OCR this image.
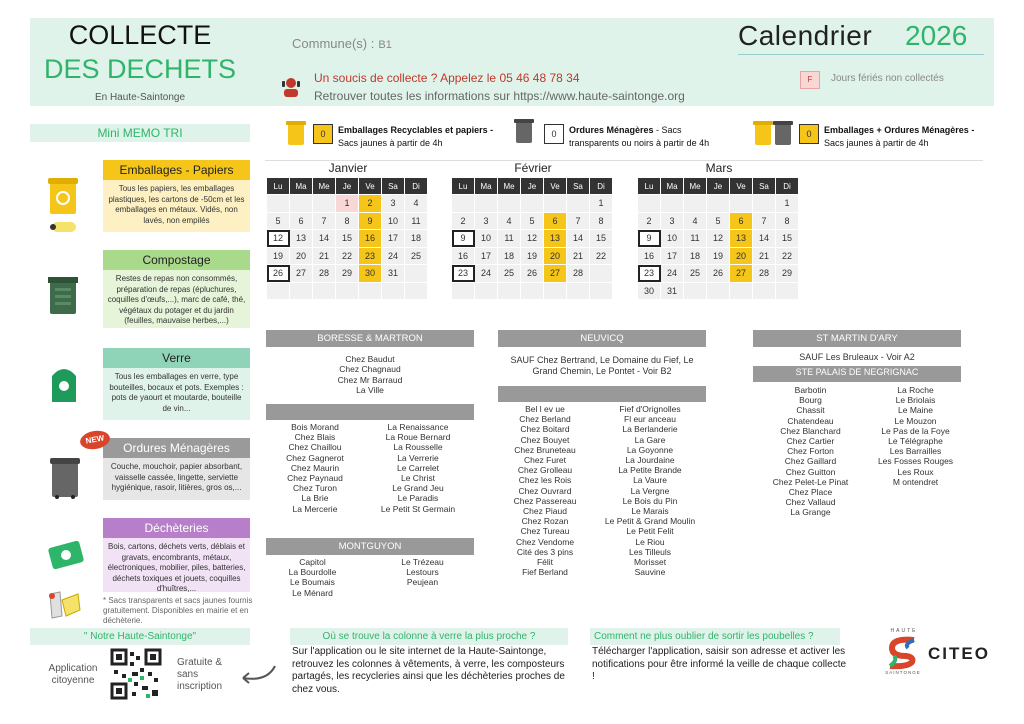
COLLECTE
DES DECHETS
En Haute-Saintonge
Commune(s) : B1
Un soucis de collecte ? Appelez le 05 46 48 78 34
Retrouver toutes les informations sur https://www.haute-saintonge.org
Calendrier 2026
F	Jours fériés non collectés
Mini MEMO TRI
Emballages - Papiers
Tous les papiers, les emballages plastiques, les cartons de -50cm et les emballages en métaux. Vidés, non lavés, non empilés
Compostage
Restes de repas non consommés, préparation de repas (épluchures, coquilles d'œufs,...), marc de café, thé, végétaux du potager et du jardin (feuilles, mauvaise herbes,...)
Verre
Tous les emballages en verre, type bouteilles, bocaux et pots. Exemples : pots de yaourt et moutarde, bouteille de vin...
Ordures Ménagères
Couche, mouchoir, papier absorbant, vaisselle cassée, lingette, serviette hygiénique, rasoir, litières, gros os,...
Déchèteries
Bois, cartons, déchets verts, déblais et gravats, encombrants, métaux, électroniques, mobilier, piles, batteries, déchets toxiques et jouets, coquilles d'huîtres,...
* Sacs transparents et sacs jaunes fournis gratuitement. Disponibles en mairie et en déchèterie.
NEW
0	Emballages Recyclables et papiers -
Sacs jaunes à partir de 4h
0	Ordures Ménagères - Sacs
transparents ou noirs à partir de 4h
0	Emballages + Ordures Ménagères -
Sacs jaunes à partir de 4h
Janvier
Lu	Ma	Me	Je	Ve	Sa	Di
			1	2	3	4
5	6	7	8	9	10	11
12	13	14	15	16	17	18
19	20	21	22	23	24	25
26	27	28	29	30	31	

Février
Lu	Ma	Me	Je	Ve	Sa	Di
						1
2	3	4	5	6	7	8
9	10	11	12	13	14	15
16	17	18	19	20	21	22
23	24	25	26	27	28	

Mars
Lu	Ma	Me	Je	Ve	Sa	Di
						1
2	3	4	5	6	7	8
9	10	11	12	13	14	15
16	17	18	19	20	21	22
23	24	25	26	27	28	29
30	31					
BORESSE & MARTRON
Chez Baudut
Chez Chagnaud
Chez Mr Barraud
La Ville
Bois Morand
Chez Blais
Chez Chaillou
Chez Gagnerot
Chez Maurin
Chez Paynaud
Chez Turon
La Brie
La Mercerie
La Renaissance
La Roue Bernard
La Rousselle
La Verrerie
Le Carrelet
Le Christ
Le Grand Jeu
Le Paradis
Le Petit St Germain
MONTGUYON
Capitol
La Bourdolle
Le Boumais
Le Ménard
Le Trézeau
Lestours
Peujean
NEUVICQ
SAUF Chez Bertrand, Le Domaine du Fief, Le Grand Chemin, Le Pontet - Voir B2
Bel l ev ue
Chez Berland
Chez Boitard
Chez Bouyet
Chez Bruneteau
Chez Furet
Chez Grolleau
Chez les Rois
Chez Ouvrard
Chez Passereau
Chez Piaud
Chez Rozan
Chez Tureau
Chez Vendome
Cité des 3 pins
Félit
Fief Berland
Fief d'Orignolles
Fl eur anceau
La Berlanderie
La Gare
La Goyonne
La Jourdaine
La Petite Brande
La Vaure
La Vergne
Le Bois du Pin
Le Marais
Le Petit & Grand Moulin
Le Petit Felit
Le Riou
Les Tilleuls
Morisset
Sauvine
ST MARTIN D'ARY
SAUF Les Bruleaux - Voir A2
STE PALAIS DE NEGRIGNAC
Barbotin
Bourg
Chassit
Chatendeau
Chez Blanchard
Chez Cartier
Chez Forton
Chez Gaillard
Chez Guitton
Chez Pelet-Le Pinat
Chez Place
Chez Vallaud
La Grange
La Roche
Le Briolais
Le Maine
Le Mouzon
Le Pas de la Foye
Le Télégraphe
Les Barrailles
Les Fosses Rouges
Les Roux
M ontendret
" Notre Haute-Saintonge"
Application citoyenne
Gratuite & sans inscription
Où se trouve la colonne à verre la plus proche ?
Sur l'application ou le site internet de la Haute-Saintonge, retrouvez les colonnes à vêtements, à verre, les composteurs partagés, les recycleries ainsi que les déchèteries proches de chez vous.
Comment ne plus oublier de sortir les poubelles ?
Télécharger l'application, saisir son adresse et activer les notifications pour être informé la veille de chaque collecte !
HAUTE
SAINTONGE
CITEO
